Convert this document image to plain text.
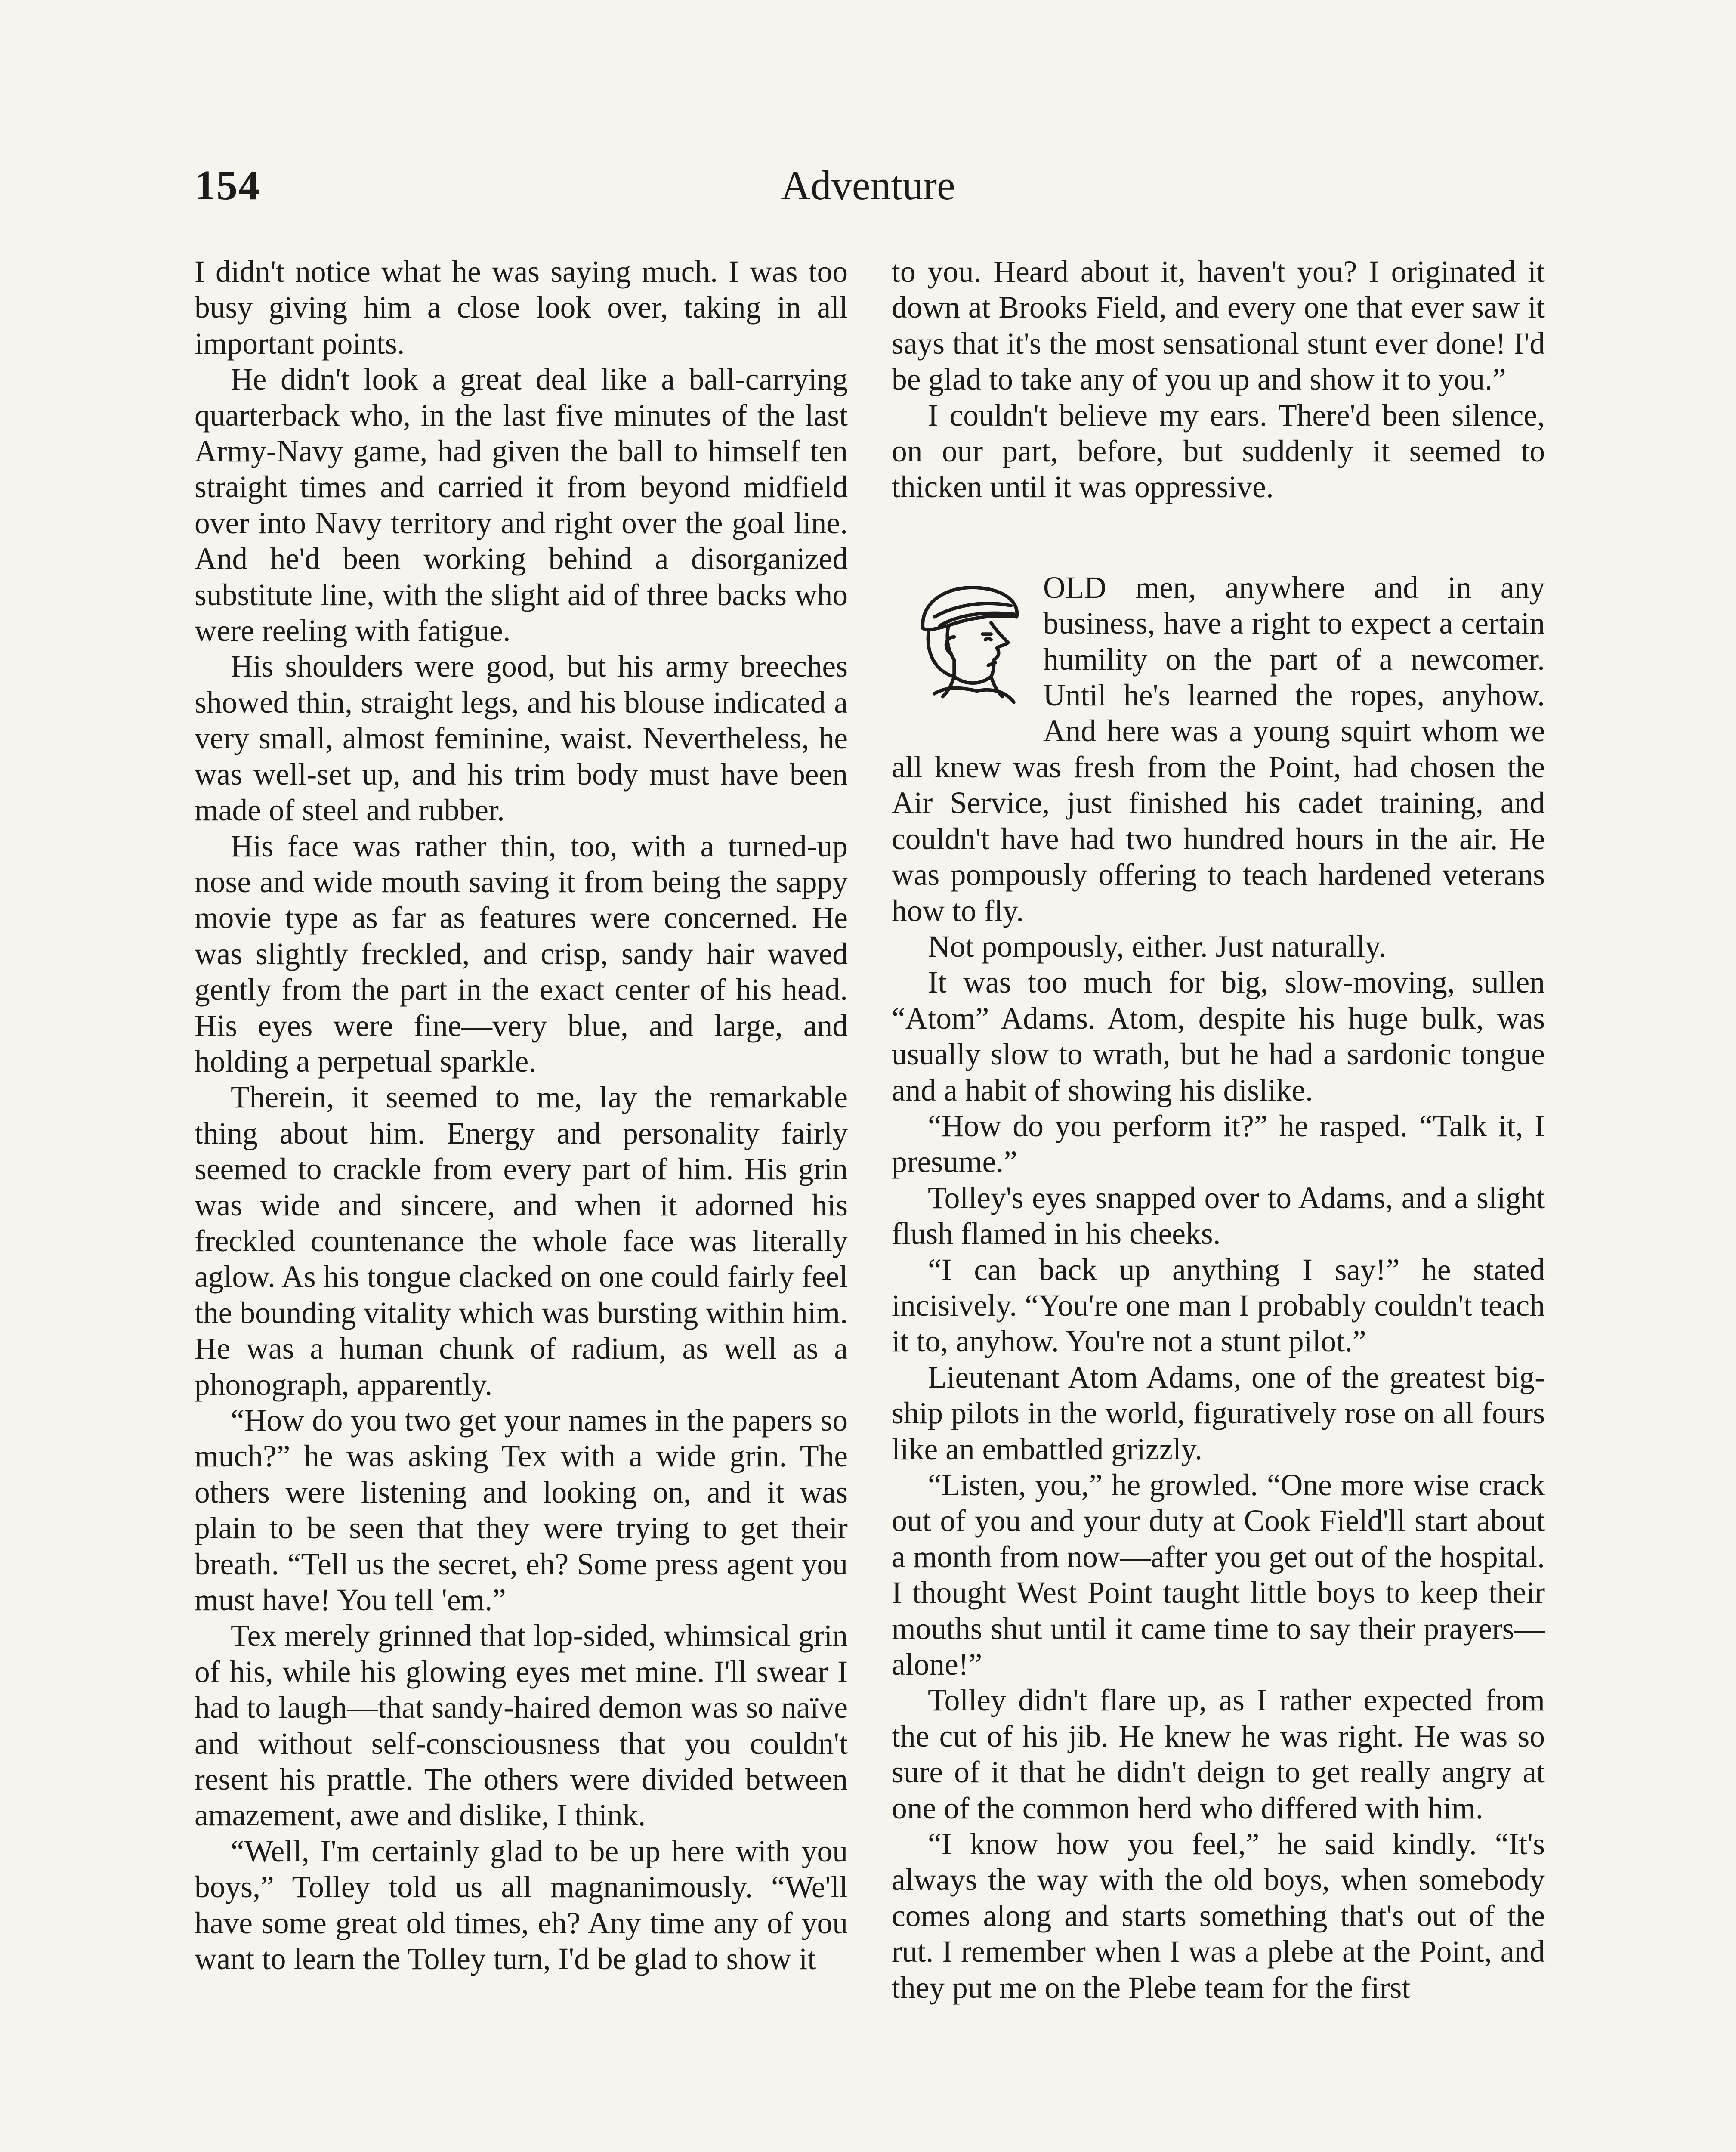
154	Adventure

I didn't notice what he was saying much. I was too busy giving him a close look over, taking in all important points.

He didn't look a great deal like a ball-carrying quarterback who, in the last five minutes of the last Army-Navy game, had given the ball to himself ten straight times and carried it from beyond midfield over into Navy territory and right over the goal line. And he'd been working behind a disorganized substitute line, with the slight aid of three backs who were reeling with fatigue.

His shoulders were good, but his army breeches showed thin, straight legs, and his blouse indicated a very small, almost feminine, waist. Nevertheless, he was well-set up, and his trim body must have been made of steel and rubber.

His face was rather thin, too, with a turned-up nose and wide mouth saving it from being the sappy movie type as far as features were concerned. He was slightly freckled, and crisp, sandy hair waved gently from the part in the exact center of his head. His eyes were fine—very blue, and large, and holding a perpetual sparkle.

Therein, it seemed to me, lay the remarkable thing about him. Energy and personality fairly seemed to crackle from every part of him. His grin was wide and sincere, and when it adorned his freckled countenance the whole face was literally aglow. As his tongue clacked on one could fairly feel the bounding vitality which was bursting within him. He was a human chunk of radium, as well as a phonograph, apparently.

“How do you two get your names in the papers so much?” he was asking Tex with a wide grin. The others were listening and looking on, and it was plain to be seen that they were trying to get their breath. “Tell us the secret, eh? Some press agent you must have! You tell 'em.”

Tex merely grinned that lop-sided, whimsical grin of his, while his glowing eyes met mine. I'll swear I had to laugh—that sandy-haired demon was so naïve and without self-consciousness that you couldn't resent his prattle. The others were divided between amazement, awe and dislike, I think.

“Well, I'm certainly glad to be up here with you boys,” Tolley told us all magnanimously. “We'll have some great old times, eh? Any time any of you want to learn the Tolley turn, I'd be glad to show it

to you. Heard about it, haven't you? I originated it down at Brooks Field, and every one that ever saw it says that it's the most sensational stunt ever done! I'd be glad to take any of you up and show it to you.”

I couldn't believe my ears. There'd been silence, on our part, before, but suddenly it seemed to thicken until it was oppressive.

OLD men, anywhere and in any business, have a right to expect a certain humility on the part of a newcomer. Until he's learned the ropes, anyhow. And here was a young squirt whom we all knew was fresh from the Point, had chosen the Air Service, just finished his cadet training, and couldn't have had two hundred hours in the air. He was pompously offering to teach hardened veterans how to fly.

Not pompously, either. Just naturally.

It was too much for big, slow-moving, sullen “Atom” Adams. Atom, despite his huge bulk, was usually slow to wrath, but he had a sardonic tongue and a habit of showing his dislike.

“How do you perform it?” he rasped. “Talk it, I presume.”

Tolley's eyes snapped over to Adams, and a slight flush flamed in his cheeks.

“I can back up anything I say!” he stated incisively. “You're one man I probably couldn't teach it to, anyhow. You're not a stunt pilot.”

Lieutenant Atom Adams, one of the greatest big-ship pilots in the world, figuratively rose on all fours like an embattled grizzly.

“Listen, you,” he growled. “One more wise crack out of you and your duty at Cook Field'll start about a month from now—after you get out of the hospital. I thought West Point taught little boys to keep their mouths shut until it came time to say their prayers—alone!”

Tolley didn't flare up, as I rather expected from the cut of his jib. He knew he was right. He was so sure of it that he didn't deign to get really angry at one of the common herd who differed with him.

“I know how you feel,” he said kindly. “It's always the way with the old boys, when somebody comes along and starts something that's out of the rut. I remember when I was a plebe at the Point, and they put me on the Plebe team for the first
